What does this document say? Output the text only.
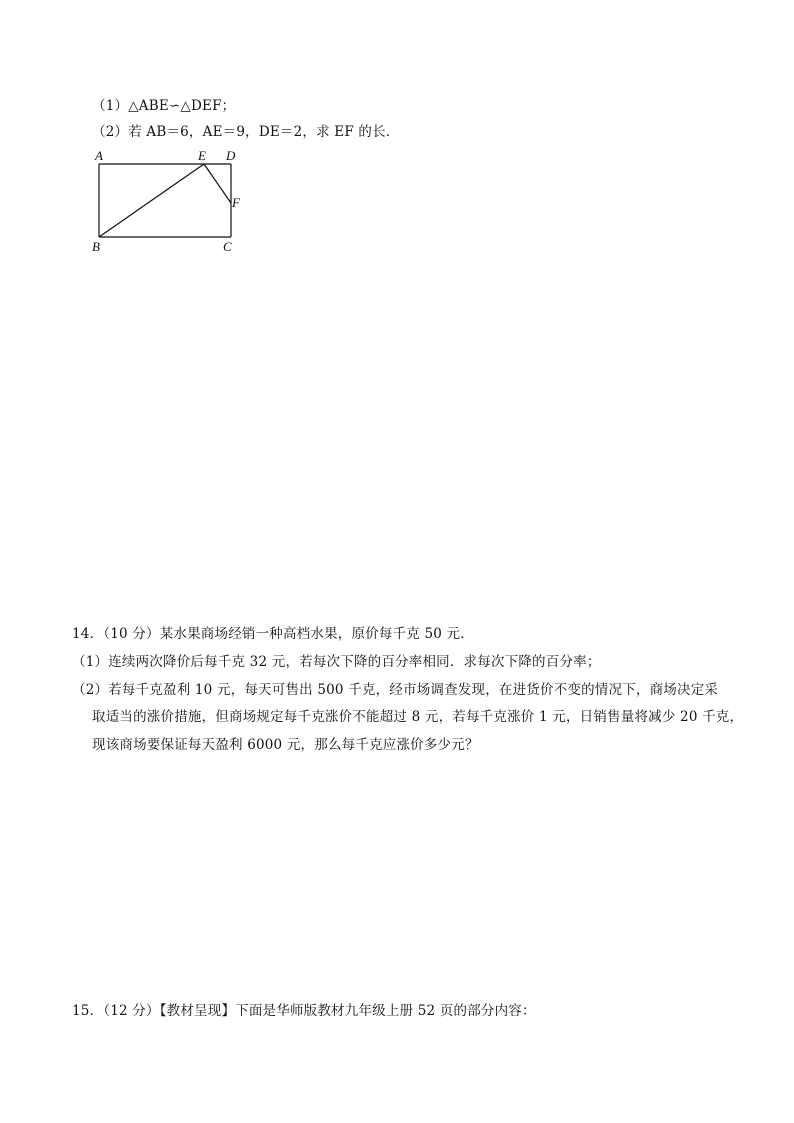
（1）△ABE∽△DEF；
（2）若 AB＝6，AE＝9，DE＝2，求 EF 的长．
A	E D
F
B	C
14．（10 分）某水果商场经销一种高档水果，原价每千克 50 元．
（1）连续两次降价后每千克 32 元，若每次下降的百分率相同．求每次下降的百分率；
（2）若每千克盈利 10 元，每天可售出 500 千克，经市场调查发现，在进货价不变的情况下，商场决定采
取适当的涨价措施，但商场规定每千克涨价不能超过 8 元，若每千克涨价 1 元，日销售量将减少 20 千克，
现该商场要保证每天盈利 6000 元，那么每千克应涨价多少元？
15．（12 分）【教材呈现】下面是华师版教材九年级上册 52 页的部分内容：
